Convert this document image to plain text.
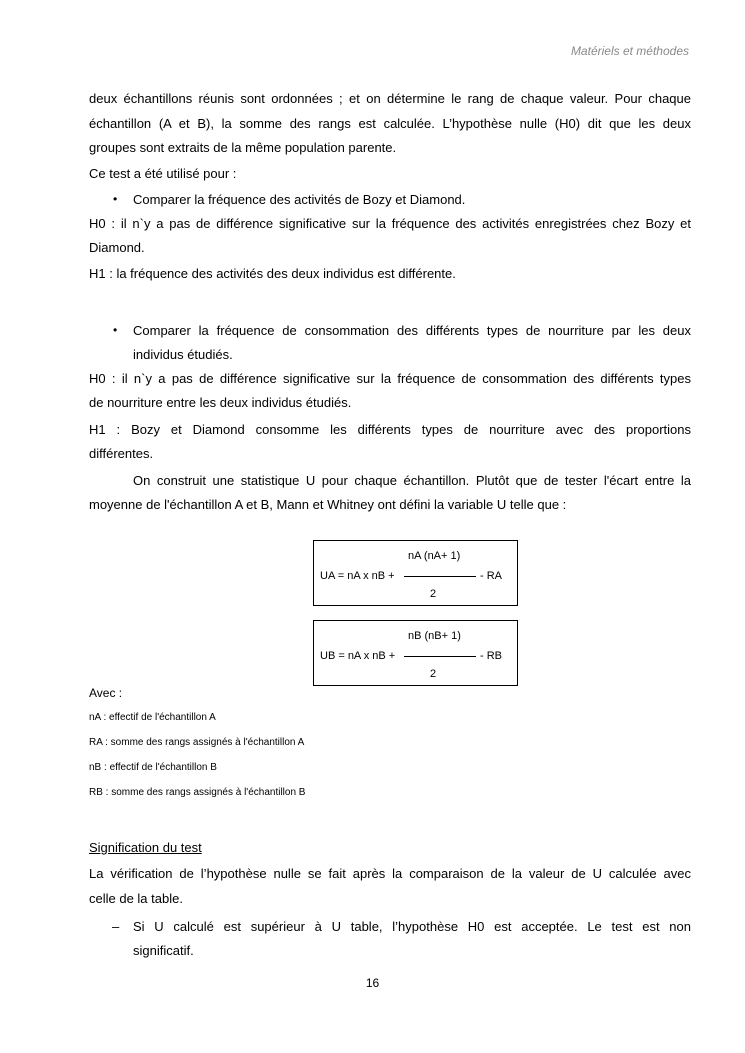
Matériels et méthodes
deux échantillons réunis sont ordonnées ; et on détermine le rang de chaque valeur. Pour chaque
échantillon (A et B), la somme des rangs est calculée. L’hypothèse nulle (H0) dit que les deux
groupes sont extraits de la même population parente.
Ce test a été utilisé pour :
• Comparer la fréquence des activités de Bozy et Diamond.
H0 : il n`y a pas de différence significative sur la fréquence des activités enregistrées chez Bozy et
Diamond.
H1 : la fréquence des activités des deux individus est différente.
• Comparer la fréquence de consommation des différents types de nourriture par les deux
individus étudiés.
H0 : il n`y a pas de différence significative sur la fréquence de consommation des différents types
de nourriture entre les deux individus étudiés.
H1 : Bozy et Diamond consomme les différents types de nourriture avec des proportions
différentes.
On construit une statistique U pour chaque échantillon. Plutôt que de tester l'écart entre la
moyenne de l'échantillon A et B, Mann et Whitney ont défini la variable U telle que :
nA (nA+ 1)
UA = nA x nB +	- RA
2
nB (nB+ 1)
UB = nA x nB +	- RB
2
Avec :
nA : effectif de l'échantillon A
RA : somme des rangs assignés à l'échantillon A
nB : effectif de l'échantillon B
RB : somme des rangs assignés à l'échantillon B
Signification du test
La vérification de l’hypothèse nulle se fait après la comparaison de la valeur de U calculée avec
celle de la table.
– Si U calculé est supérieur à U table, l’hypothèse H0 est acceptée. Le test est non
significatif.
16
